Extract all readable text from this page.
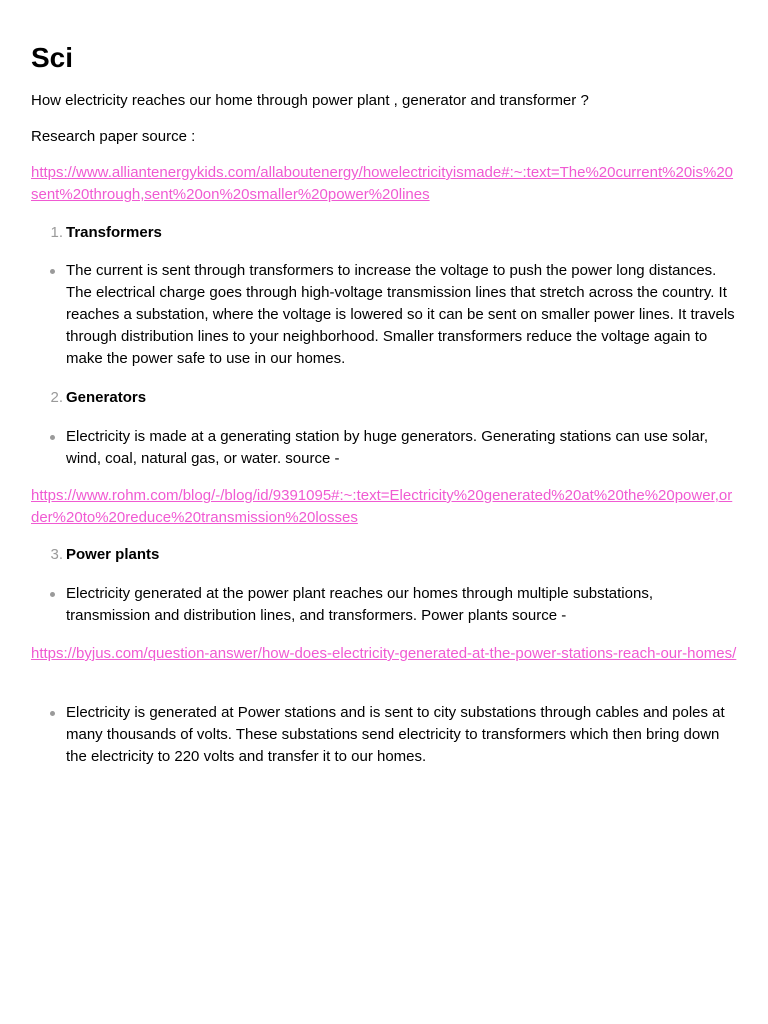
Sci
How electricity reaches our home through power plant , generator and transformer ?
Research paper source :
https://www.alliantenergykids.com/allaboutenergy/howelectricityismade#:~:text=The%20current%20is%20sent%20through,sent%20on%20smaller%20power%20lines
1. Transformers
The current is sent through transformers to increase the voltage to push the power long distances. The electrical charge goes through high-voltage transmission lines that stretch across the country. It reaches a substation, where the voltage is lowered so it can be sent on smaller power lines. It travels through distribution lines to your neighborhood. Smaller transformers reduce the voltage again to make the power safe to use in our homes.
2. Generators
Electricity is made at a generating station by huge generators. Generating stations can use solar, wind, coal, natural gas, or water. source -
https://www.rohm.com/blog/-/blog/id/9391095#:~:text=Electricity%20generated%20at%20the%20power,order%20to%20reduce%20transmission%20losses
3. Power plants
Electricity generated at the power plant reaches our homes through multiple substations, transmission and distribution lines, and transformers. Power plants source -
https://byjus.com/question-answer/how-does-electricity-generated-at-the-power-stations-reach-our-homes/
Electricity is generated at Power stations and is sent to city substations through cables and poles at many thousands of volts. These substations send electricity to transformers which then bring down the electricity to 220 volts and transfer it to our homes.
